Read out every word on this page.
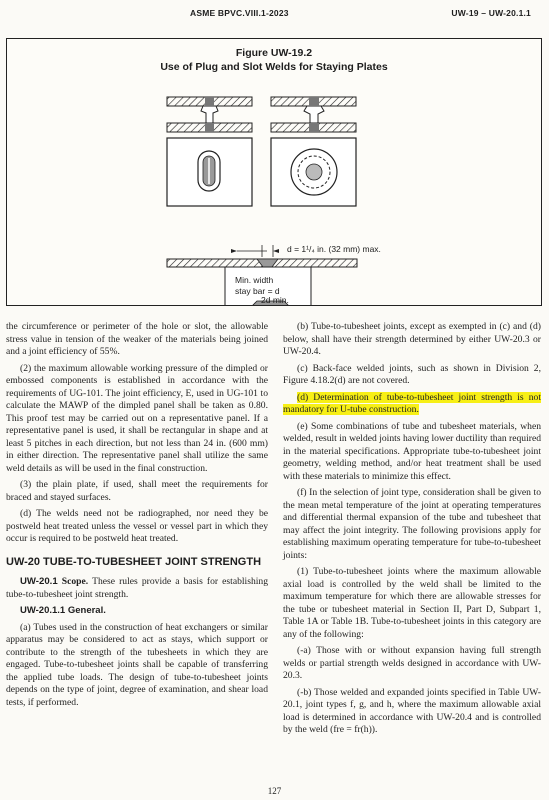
ASME BPVC.VIII.1-2023	UW-19 – UW-20.1.1
Figure UW-19.2
Use of Plug and Slot Welds for Staying Plates
d = 1¹/₄ in. (32 mm) max.
Min. width
stay bar = d
2d min.

the circumference or perimeter of the hole or slot, the allowable stress value in tension of the weaker of the materials being joined and a joint efficiency of 55%.

(2) the maximum allowable working pressure of the dimpled or embossed components is established in accordance with the requirements of UG-101. The joint efficiency, E, used in UG-101 to calculate the MAWP of the dimpled panel shall be taken as 0.80. This proof test may be carried out on a representative panel. If a representative panel is used, it shall be rectangular in shape and at least 5 pitches in each direction, but not less than 24 in. (600 mm) in either direction. The representative panel shall utilize the same weld details as will be used in the final construction.

(3) the plain plate, if used, shall meet the requirements for braced and stayed surfaces.

(d) The welds need not be radiographed, nor need they be postweld heat treated unless the vessel or vessel part in which they occur is required to be postweld heat treated.

UW-20 TUBE-TO-TUBESHEET JOINT STRENGTH

UW-20.1 Scope. These rules provide a basis for establishing tube-to-tubesheet joint strength.

UW-20.1.1 General.

(a) Tubes used in the construction of heat exchangers or similar apparatus may be considered to act as stays, which support or contribute to the strength of the tubesheets in which they are engaged. Tube-to-tubesheet joints shall be capable of transferring the applied tube loads. The design of tube-to-tubesheet joints depends on the type of joint, degree of examination, and shear load tests, if performed.

(b) Tube-to-tubesheet joints, except as exempted in (c) and (d) below, shall have their strength determined by either UW-20.3 or UW-20.4.

(c) Back-face welded joints, such as shown in Division 2, Figure 4.18.2(d) are not covered.

(d) Determination of tube-to-tubesheet joint strength is not mandatory for U-tube construction.

(e) Some combinations of tube and tubesheet materials, when welded, result in welded joints having lower ductility than required in the material specifications. Appropriate tube-to-tubesheet joint geometry, welding method, and/or heat treatment shall be used with these materials to minimize this effect.

(f) In the selection of joint type, consideration shall be given to the mean metal temperature of the joint at operating temperatures and differential thermal expansion of the tube and tubesheet that may affect the joint integrity. The following provisions apply for establishing maximum operating temperature for tube-to-tubesheet joints:

(1) Tube-to-tubesheet joints where the maximum allowable axial load is controlled by the weld shall be limited to the maximum temperature for which there are allowable stresses for the tube or tubesheet material in Section II, Part D, Subpart 1, Table 1A or Table 1B. Tube-to-tubesheet joints in this category are any of the following:

(-a) Those with or without expansion having full strength welds or partial strength welds designed in accordance with UW-20.3.

(-b) Those welded and expanded joints specified in Table UW-20.1, joint types f, g, and h, where the maximum allowable axial load is determined in accordance with UW-20.4 and is controlled by the weld (fre = fr(h)).

127
